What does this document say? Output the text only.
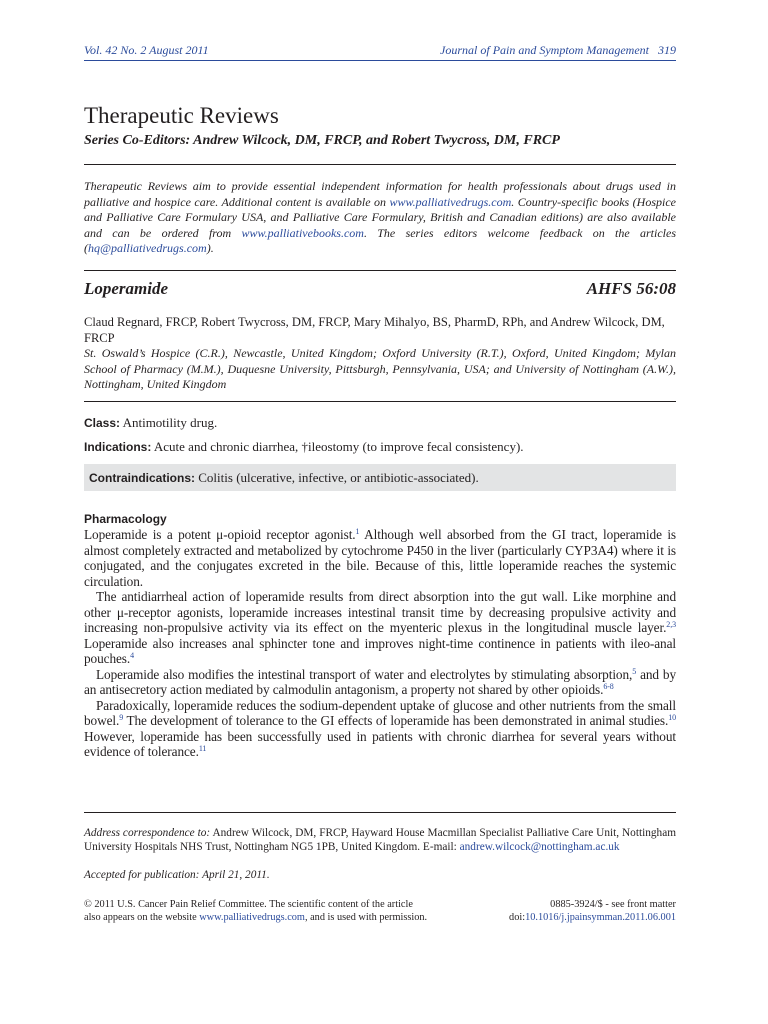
Vol. 42 No. 2 August 2011	Journal of Pain and Symptom Management 319
Therapeutic Reviews
Series Co-Editors: Andrew Wilcock, DM, FRCP, and Robert Twycross, DM, FRCP
Therapeutic Reviews aim to provide essential independent information for health professionals about drugs used in palliative and hospice care. Additional content is available on www.palliativedrugs.com. Country-specific books (Hospice and Palliative Care Formulary USA, and Palliative Care Formulary, British and Canadian editions) are also available and can be ordered from www.palliativebooks.com. The series editors welcome feedback on the articles (hq@palliativedrugs.com).
Loperamide	AHFS 56:08
Claud Regnard, FRCP, Robert Twycross, DM, FRCP, Mary Mihalyo, BS, PharmD, RPh, and Andrew Wilcock, DM, FRCP
St. Oswald’s Hospice (C.R.), Newcastle, United Kingdom; Oxford University (R.T.), Oxford, United Kingdom; Mylan School of Pharmacy (M.M.), Duquesne University, Pittsburgh, Pennsylvania, USA; and University of Nottingham (A.W.), Nottingham, United Kingdom
Class: Antimotility drug.
Indications: Acute and chronic diarrhea, †ileostomy (to improve fecal consistency).
Contraindications: Colitis (ulcerative, infective, or antibiotic-associated).
Pharmacology

Loperamide is a potent μ-opioid receptor agonist.$^1$ Although well absorbed from the GI tract, loperamide is almost completely extracted and metabolized by cytochrome P450 in the liver (particularly CYP3A4) where it is conjugated, and the conjugates excreted in the bile. Because of this, little loperamide reaches the systemic circulation.

The antidiarrheal action of loperamide results from direct absorption into the gut wall. Like morphine and other μ-receptor agonists, loperamide increases intestinal transit time by decreasing propulsive activity and increasing non-propulsive activity via its effect on the myenteric plexus in the longitudinal muscle layer.$^{2,3}$ Loperamide also increases anal sphincter tone and improves night-time continence in patients with ileo-anal pouches.$^4$

Loperamide also modifies the intestinal transport of water and electrolytes by stimulating absorption,$^5$ and by an antisecretory action mediated by calmodulin antagonism, a property not shared by other opioids.$^{6-8}$

Paradoxically, loperamide reduces the sodium-dependent uptake of glucose and other nutrients from the small bowel.$^9$ The development of tolerance to the GI effects of loperamide has been demonstrated in animal studies.$^{10}$ However, loperamide has been successfully used in patients with chronic diarrhea for several years without evidence of tolerance.$^{11}$

Address correspondence to: Andrew Wilcock, DM, FRCP, Hayward House Macmillan Specialist Palliative Care Unit, Nottingham University Hospitals NHS Trust, Nottingham NG5 1PB, United Kingdom. E-mail: andrew.wilcock@nottingham.ac.uk
Accepted for publication: April 21, 2011.
© 2011 U.S. Cancer Pain Relief Committee. The scientific content of the article
also appears on the website www.palliativedrugs.com, and is used with permission.
0885-3924/$ - see front matter
doi:10.1016/j.jpainsymman.2011.06.001
